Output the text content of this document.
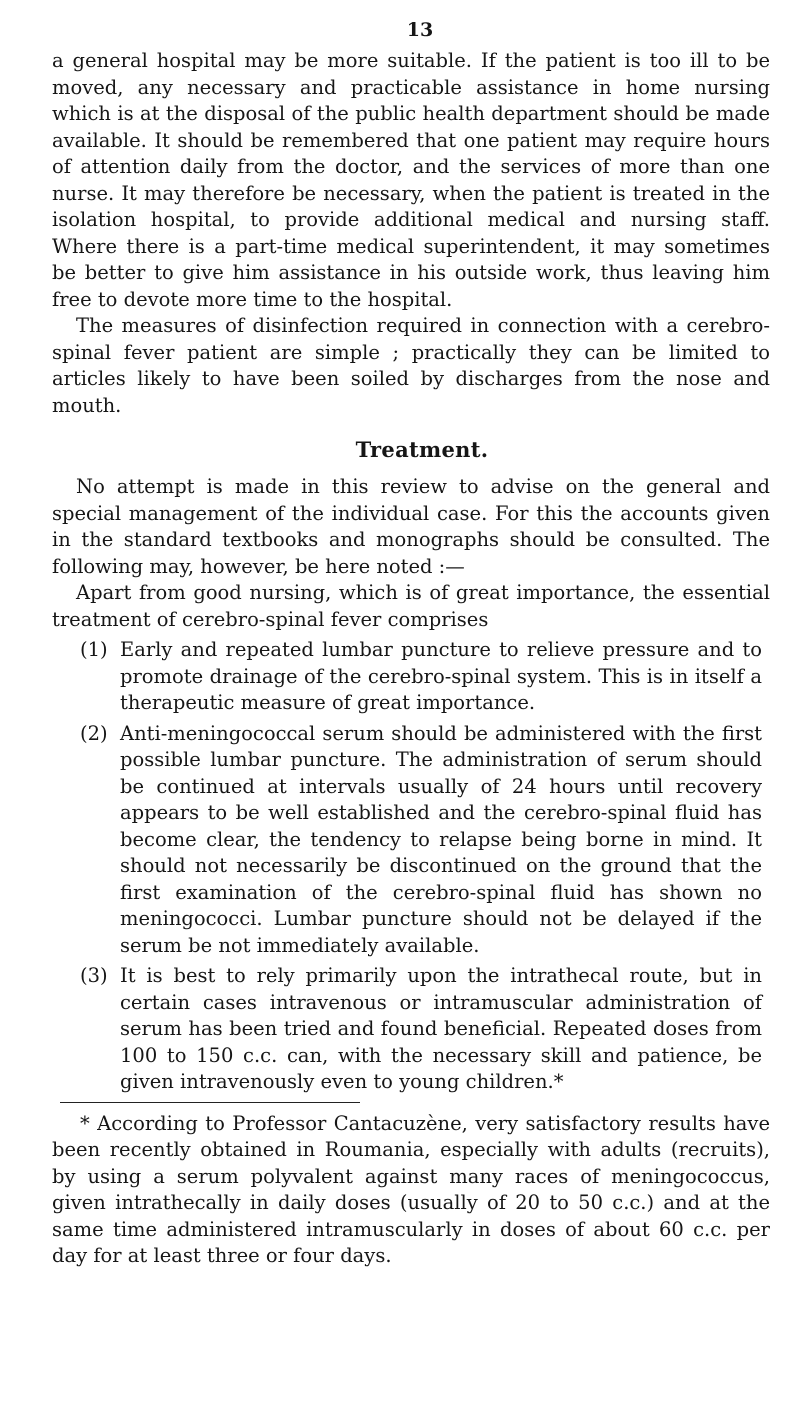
13

a general hospital may be more suitable. If the patient is too ill to be moved, any necessary and practicable assistance in home nursing which is at the disposal of the public health department should be made available. It should be remembered that one patient may require hours of attention daily from the doctor, and the services of more than one nurse. It may therefore be necessary, when the patient is treated in the isolation hospital, to provide additional medical and nursing staff. Where there is a part-time medical superintendent, it may sometimes be better to give him assistance in his outside work, thus leaving him free to devote more time to the hospital.

The measures of disinfection required in connection with a cerebro-spinal fever patient are simple ; practically they can be limited to articles likely to have been soiled by discharges from the nose and mouth.

Treatment.

No attempt is made in this review to advise on the general and special management of the individual case. For this the accounts given in the standard textbooks and monographs should be consulted. The following may, however, be here noted :—

Apart from good nursing, which is of great importance, the essential treatment of cerebro-spinal fever comprises

(1) Early and repeated lumbar puncture to relieve pressure and to promote drainage of the cerebro-spinal system. This is in itself a therapeutic measure of great importance.
(2) Anti-meningococcal serum should be administered with the first possible lumbar puncture. The administration of serum should be continued at intervals usually of 24 hours until recovery appears to be well established and the cerebro-spinal fluid has become clear, the tendency to relapse being borne in mind. It should not necessarily be discontinued on the ground that the first examination of the cerebro-spinal fluid has shown no meningococci. Lumbar puncture should not be delayed if the serum be not immediately available.
(3) It is best to rely primarily upon the intrathecal route, but in certain cases intravenous or intramuscular administration of serum has been tried and found beneficial. Repeated doses from 100 to 150 c.c. can, with the necessary skill and patience, be given intravenously even to young children.*

* According to Professor Cantacuzène, very satisfactory results have been recently obtained in Roumania, especially with adults (recruits), by using a serum polyvalent against many races of meningococcus, given intrathecally in daily doses (usually of 20 to 50 c.c.) and at the same time administered intramuscularly in doses of about 60 c.c. per day for at least three or four days.
